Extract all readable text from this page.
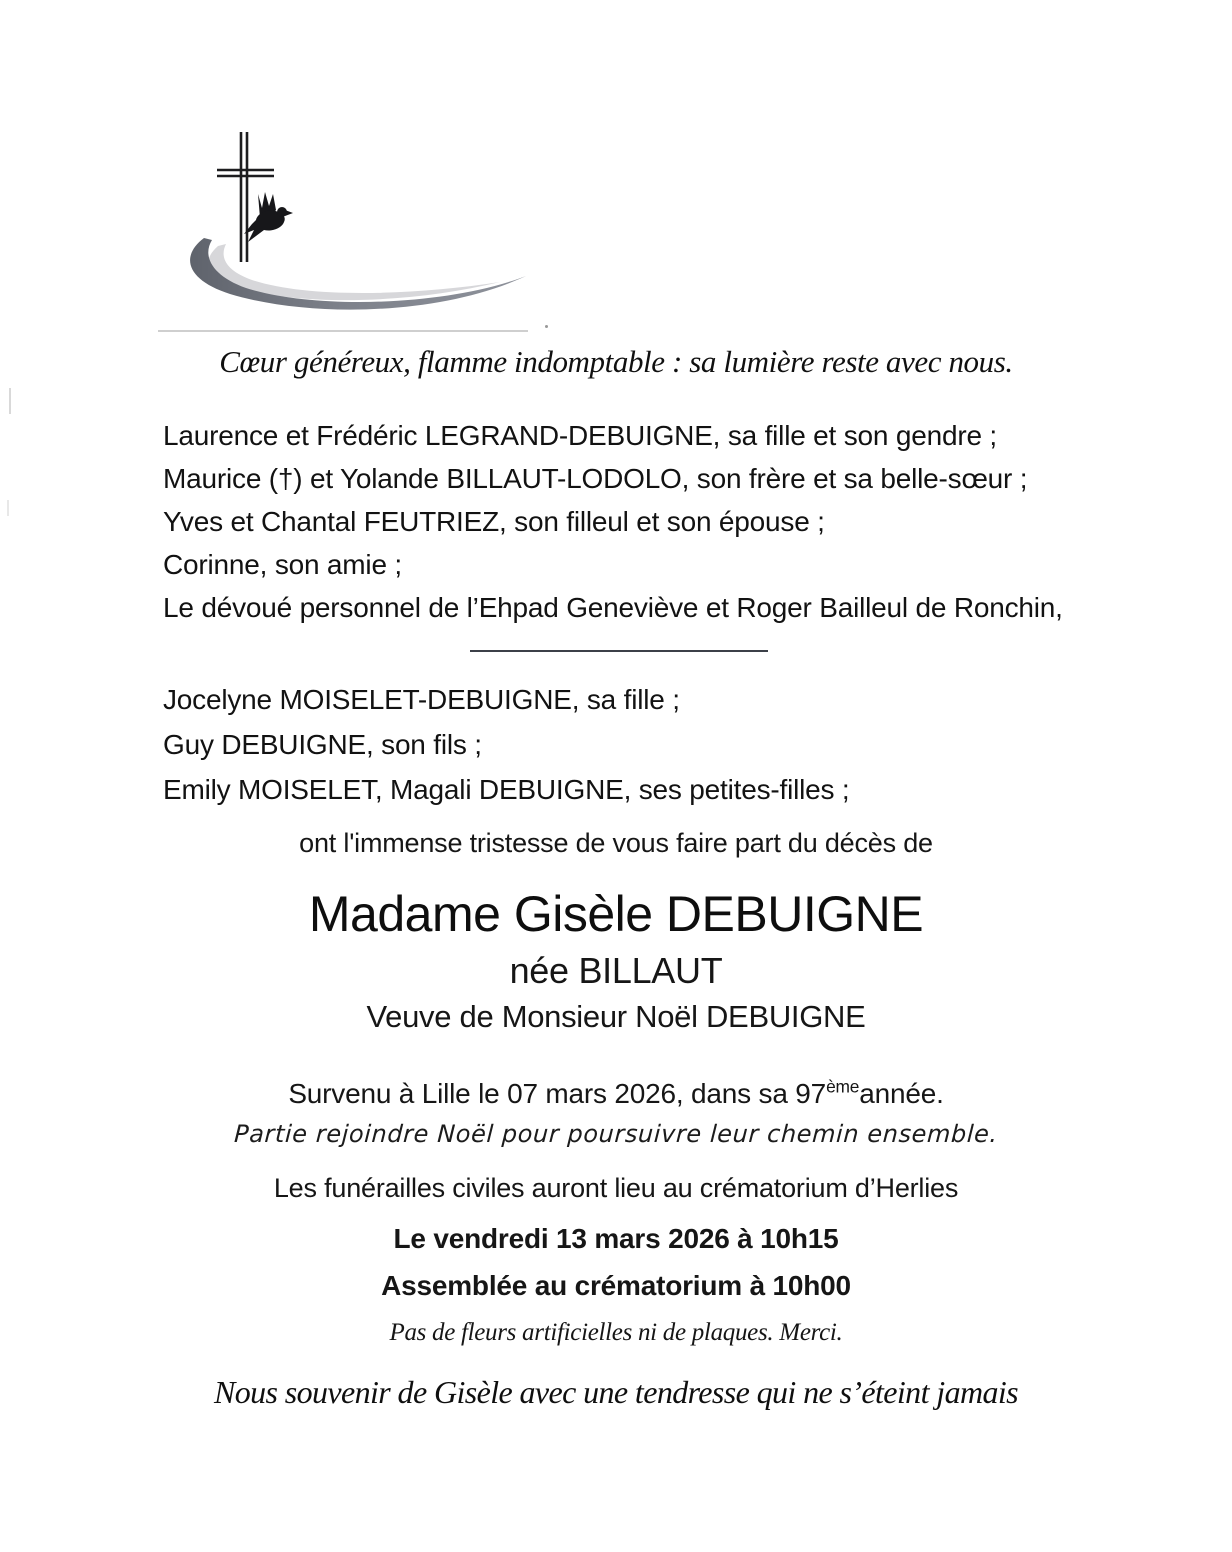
Cœur généreux, flamme indomptable : sa lumière reste avec nous.
Laurence et Frédéric LEGRAND-DEBUIGNE, sa fille et son gendre ;
Maurice (†) et Yolande BILLAUT-LODOLO, son frère et sa belle-sœur ;
Yves et Chantal FEUTRIEZ, son filleul et son épouse ;
Corinne, son amie ;
Le dévoué personnel de l’Ehpad Geneviève et Roger Bailleul de Ronchin,
Jocelyne MOISELET-DEBUIGNE, sa fille ;
Guy DEBUIGNE, son fils ;
Emily MOISELET, Magali DEBUIGNE, ses petites-filles ;
ont l'immense tristesse de vous faire part du décès de
Madame Gisèle DEBUIGNE
née BILLAUT
Veuve de Monsieur Noël DEBUIGNE
Survenu à Lille le 07 mars 2026, dans sa 97èmeannée.
Partie rejoindre Noël pour poursuivre leur chemin ensemble.
Les funérailles civiles auront lieu au crématorium d’Herlies
Le vendredi 13 mars 2026 à 10h15
Assemblée au crématorium à 10h00
Pas de fleurs artificielles ni de plaques. Merci.
Nous souvenir de Gisèle avec une tendresse qui ne s’éteint jamais
